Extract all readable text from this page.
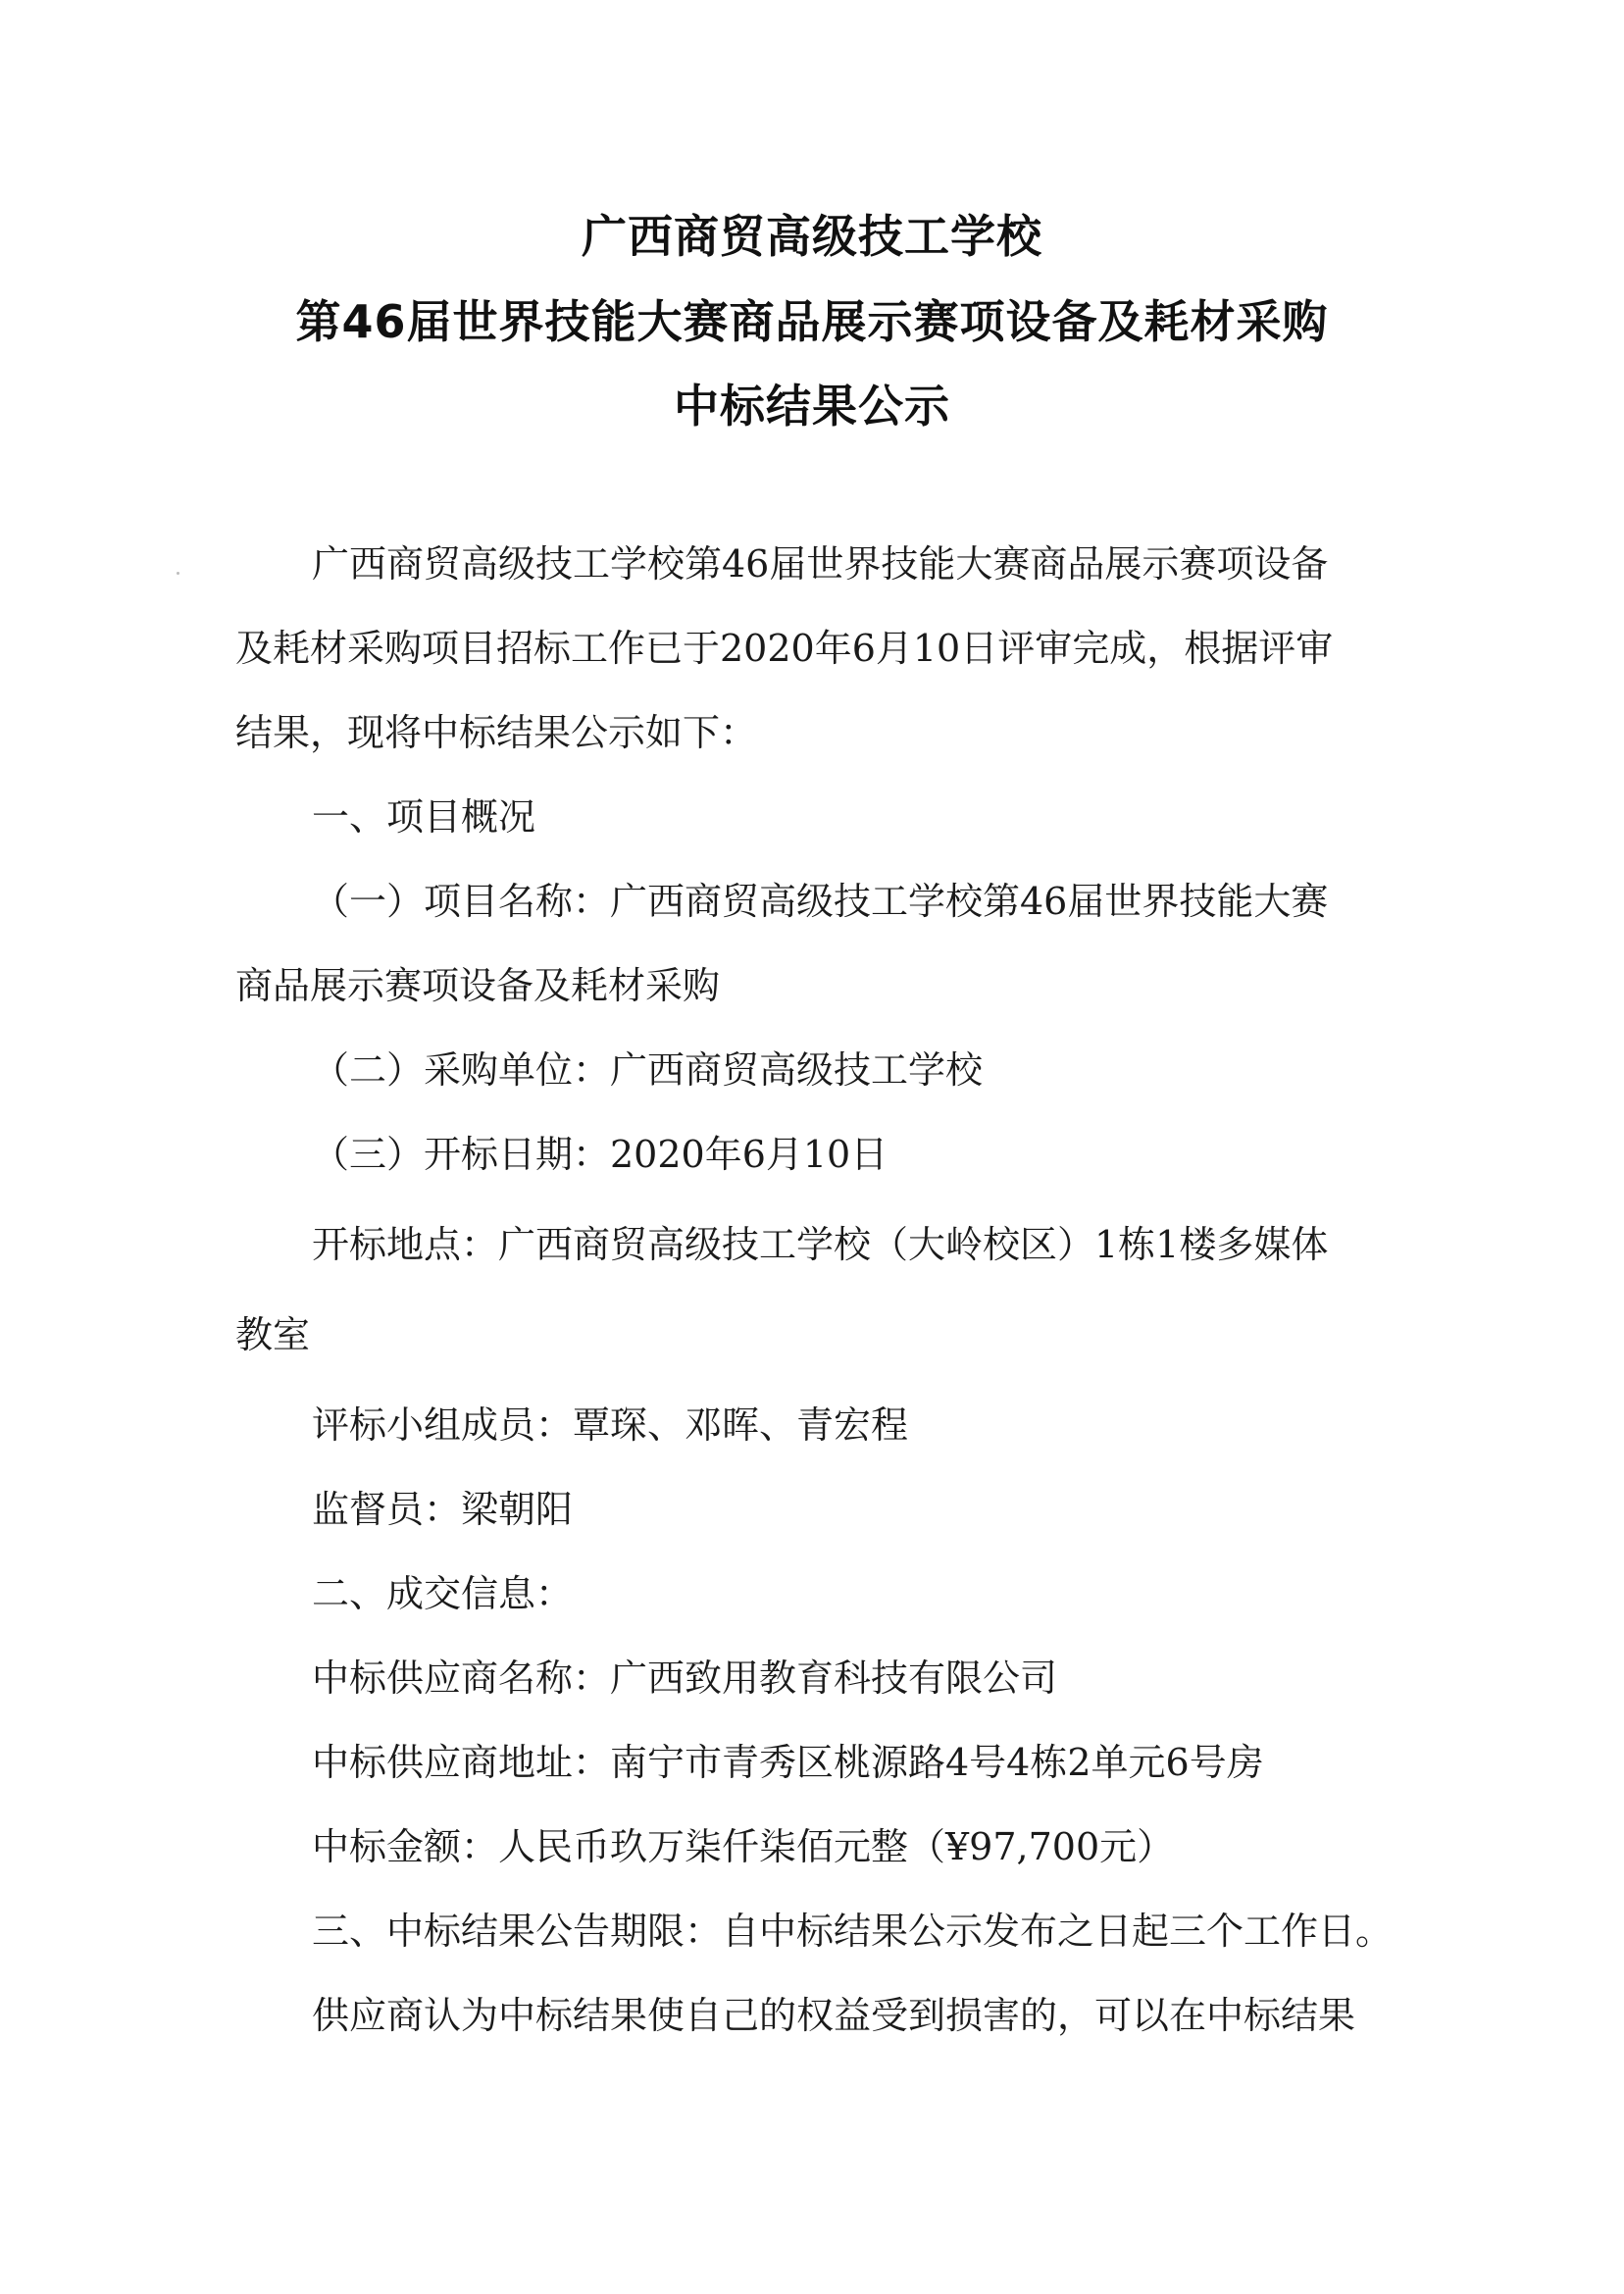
广西商贸高级技工学校
第46届世界技能大赛商品展示赛项设备及耗材采购
中标结果公示
广西商贸高级技工学校第46届世界技能大赛商品展示赛项设备
及耗材采购项目招标工作已于2020年6月10日评审完成，根据评审
结果，现将中标结果公示如下：
一、项目概况
（一）项目名称：广西商贸高级技工学校第46届世界技能大赛
商品展示赛项设备及耗材采购
（二）采购单位：广西商贸高级技工学校
（三）开标日期：2020年6月10日
开标地点：广西商贸高级技工学校（大岭校区）1栋1楼多媒体
教室
评标小组成员：覃琛、邓晖、青宏程
监督员：梁朝阳
二、成交信息：
中标供应商名称：广西致用教育科技有限公司
中标供应商地址：南宁市青秀区桃源路4号4栋2单元6号房
中标金额：人民币玖万柒仟柒佰元整（¥97,700元）
三、中标结果公告期限：自中标结果公示发布之日起三个工作日。
供应商认为中标结果使自己的权益受到损害的，可以在中标结果
